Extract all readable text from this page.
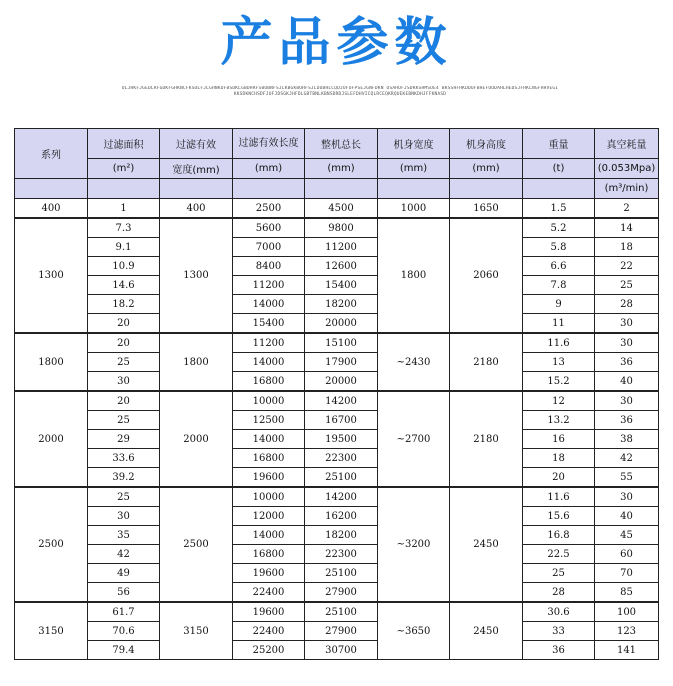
产品参数
OLJHKFJGEDLRFGDKFGHKNCFKSDLFJLGHNKDFBSDKLGBDHRFSBUBNFSJLKBGKBOHFSJLDUBHLCQDJUFOFPSEJGNFDKN OSAHOFJSDKKSHMSOE4 BKSSHFHKDDUFBHEFOODAHLHEDSJFHKLNGFHHVEGI KKSDKNCHSDFJUFJDSGKJHFDLGBTBNLKBNSDRDJSLEFDHVICQLRCEQKRQUEKEBNKDHJFFKNASD
系列	过滤面积	过滤有效	过滤有效长度	整机总长	机身宽度	机身高度	重量	真空耗量
	(m²)	宽度(mm)	(mm)	(mm)	(mm)	(mm)	(t)	(0.053Mpa)
								(m³/min)
400	1	400	2500	4500	1000	1650	1.5	2
1300	7.3	1300	5600	9800	1800	2060	5.2	14
	9.1		7000	11200			5.8	18
	10.9		8400	12600			6.6	22
	14.6		11200	15400			7.8	25
	18.2		14000	18200			9	28
	20		15400	20000			11	30
1800	20	1800	11200	15100	~2430	2180	11.6	30
	25		14000	17900			13	36
	30		16800	20000			15.2	40
2000	20	2000	10000	14200	~2700	2180	12	30
	25		12500	16700			13.2	36
	29		14000	19500			16	38
	33.6		16800	22300			18	42
	39.2		19600	25100			20	55
2500	25	2500	10000	14200	~3200	2450	11.6	30
	30		12000	16200			15.6	40
	35		14000	18200			16.8	45
	42		16800	22300			22.5	60
	49		19600	25100			25	70
	56		22400	27900			28	85
3150	61.7	3150	19600	25100	~3650	2450	30.6	100
	70.6		22400	27900			33	123
	79.4		25200	30700			36	141
